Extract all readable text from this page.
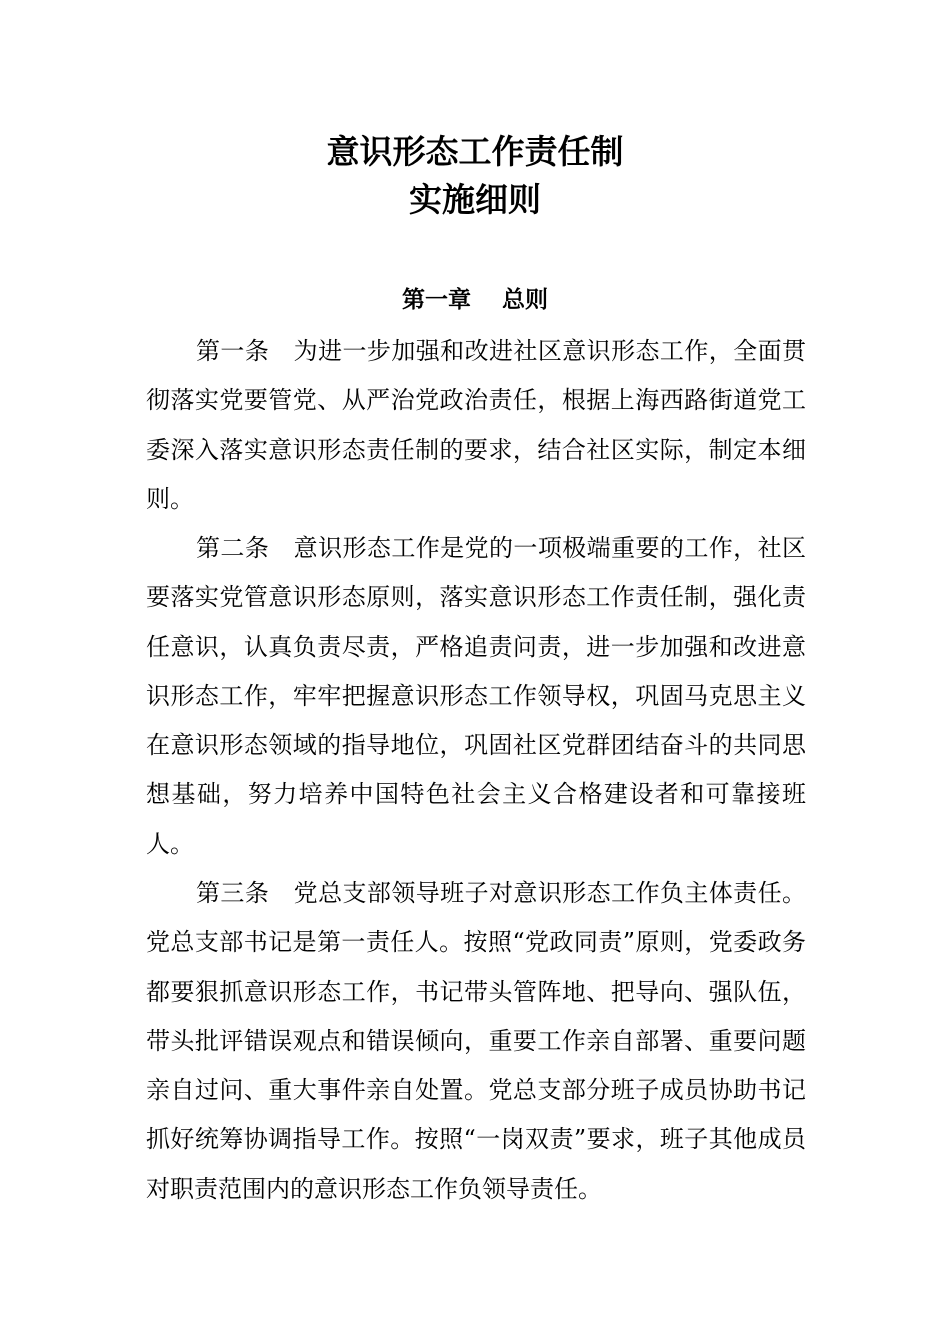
意识形态工作责任制
实施细则
第一章　 总则

第一条　为进一步加强和改进社区意识形态工作，全面贯彻落实党要管党、从严治党政治责任，根据上海西路街道党工委深入落实意识形态责任制的要求，结合社区实际，制定本细则。

第二条　意识形态工作是党的一项极端重要的工作，社区要落实党管意识形态原则，落实意识形态工作责任制，强化责任意识，认真负责尽责，严格追责问责，进一步加强和改进意识形态工作，牢牢把握意识形态工作领导权，巩固马克思主义在意识形态领域的指导地位，巩固社区党群团结奋斗的共同思想基础，努力培养中国特色社会主义合格建设者和可靠接班人。

第三条　党总支部领导班子对意识形态工作负主体责任。党总支部书记是第一责任人。按照“党政同责”原则，党委政务都要狠抓意识形态工作，书记带头管阵地、把导向、强队伍，带头批评错误观点和错误倾向，重要工作亲自部署、重要问题亲自过问、重大事件亲自处置。党总支部分班子成员协助书记抓好统筹协调指导工作。按照“一岗双责”要求，班子其他成员对职责范围内的意识形态工作负领导责任。
